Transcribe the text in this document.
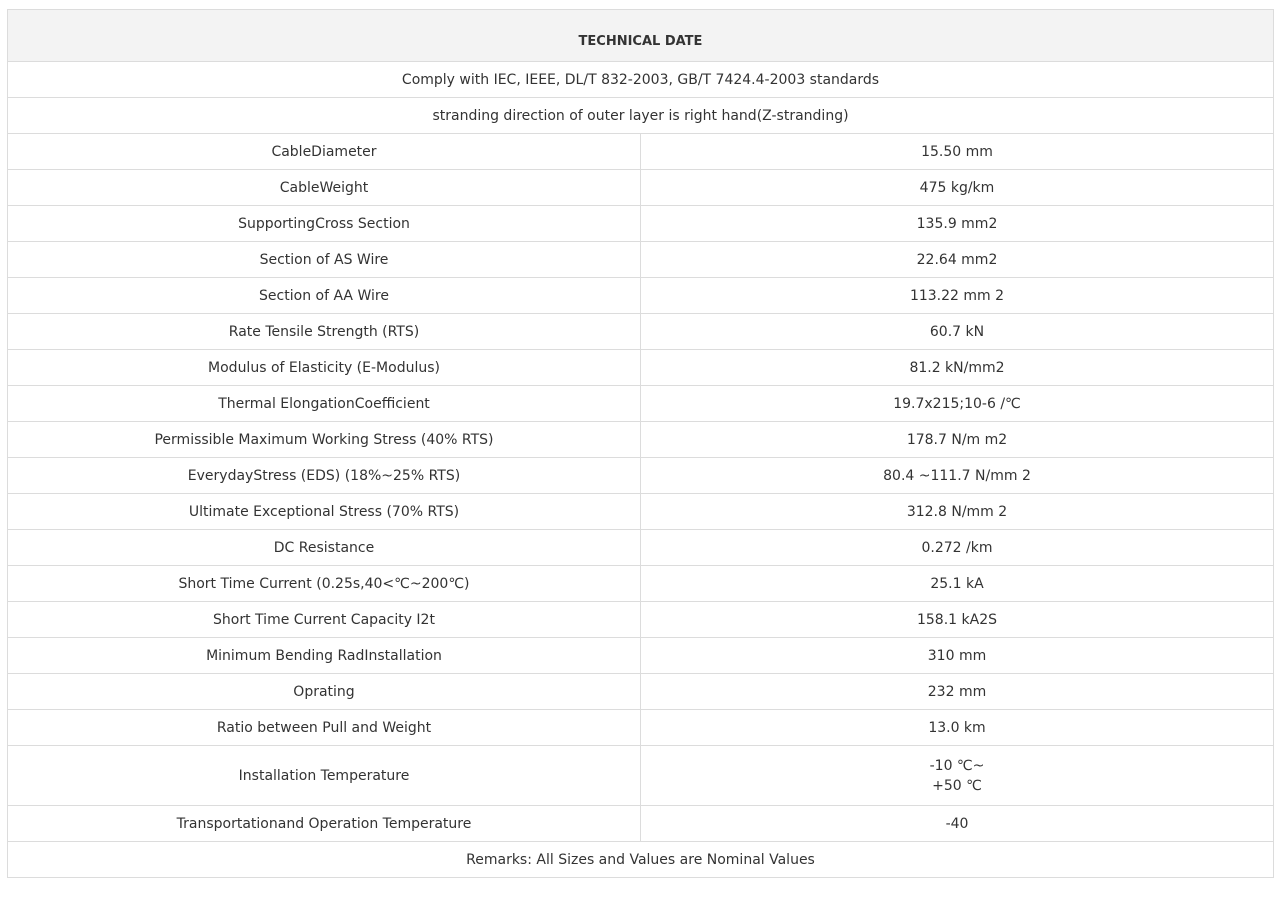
TECHNICAL DATE	
Comply with IEC, IEEE, DL/T 832-2003, GB/T 7424.4-2003 standards	
stranding direction of outer layer is right hand(Z-stranding)	
CableDiameter	15.50 mm
CableWeight	475 kg/km
SupportingCross Section	135.9 mm2
Section of AS Wire	22.64 mm2
Section of AA Wire	113.22 mm 2
Rate Tensile Strength (RTS)	60.7 kN
Modulus of Elasticity (E-Modulus)	81.2 kN/mm2
Thermal ElongationCoefficient	19.7x215;10-6 /℃
Permissible Maximum Working Stress (40% RTS)	178.7 N/m m2
EverydayStress (EDS) (18%~25% RTS)	80.4 ~111.7 N/mm 2
Ultimate Exceptional Stress (70% RTS)	312.8 N/mm 2
DC Resistance	0.272 /km
Short Time Current (0.25s,40<℃~200℃)	25.1 kA
Short Time Current Capacity I2t	158.1 kA2S
Minimum Bending RadInstallation	310 mm
Oprating	232 mm
Ratio between Pull and Weight	13.0 km
Installation Temperature	-10 ℃~
+50 ℃

Transportationand Operation Temperature	-40
Remarks: All Sizes and Values are Nominal Values	
